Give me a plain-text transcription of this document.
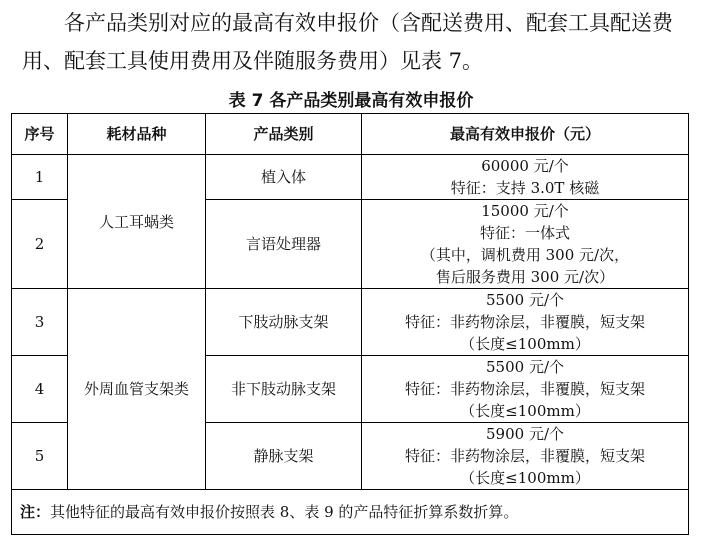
各产品类别对应的最高有效申报价（含配送费用、配套工具配送费用、配套工具使用费用及伴随服务费用）见表 7。

表 7 各产品类别最高有效申报价
序号	耗材品种	产品类别	最高有效申报价（元）
1	人工耳蜗类	植入体	60000 元/个
特征：支持 3.0T 核磁

2		言语处理器	15000 元/个
特征：一体式
（其中，调机费用 300 元/次，
售后服务费用 300 元/次）

3	外周血管支架类	下肢动脉支架	5500 元/个
特征：非药物涂层，非覆膜，短支架
（长度≤100mm）

4		非下肢动脉支架	5500 元/个
特征：非药物涂层，非覆膜，短支架
（长度≤100mm）

5		静脉支架	5900 元/个
特征：非药物涂层，非覆膜，短支架
（长度≤100mm）

注：其他特征的最高有效申报价按照表 8、表 9 的产品特征折算系数折算。			
